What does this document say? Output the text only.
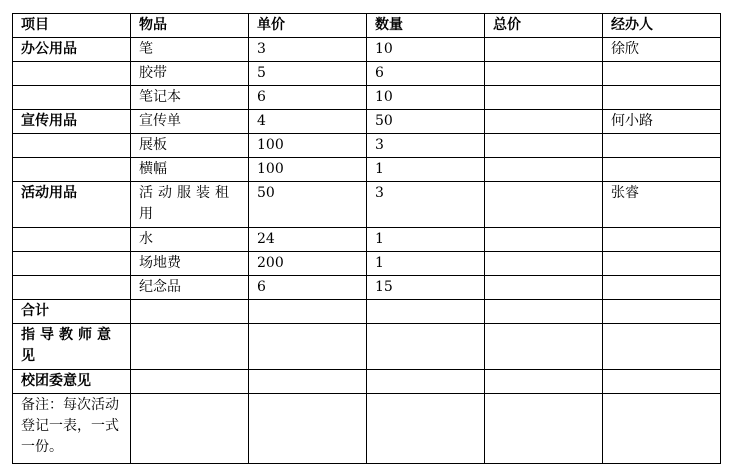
项目	物品	单价	数量	总价	经办人
办公用品	笔	3	10		徐欣
	胶带	5	6		
	笔记本	6	10		
宣传用品	宣传单	4	50		何小路
	展板	100	3		
	横幅	100	1		
活动用品	活动服装租用	50	3		张睿
	水	24	1		
	场地费	200	1		
	纪念品	6	15		
合计					
指导教师意见					
校团委意见					
备注：每次活动登记一表，一式一份。					
